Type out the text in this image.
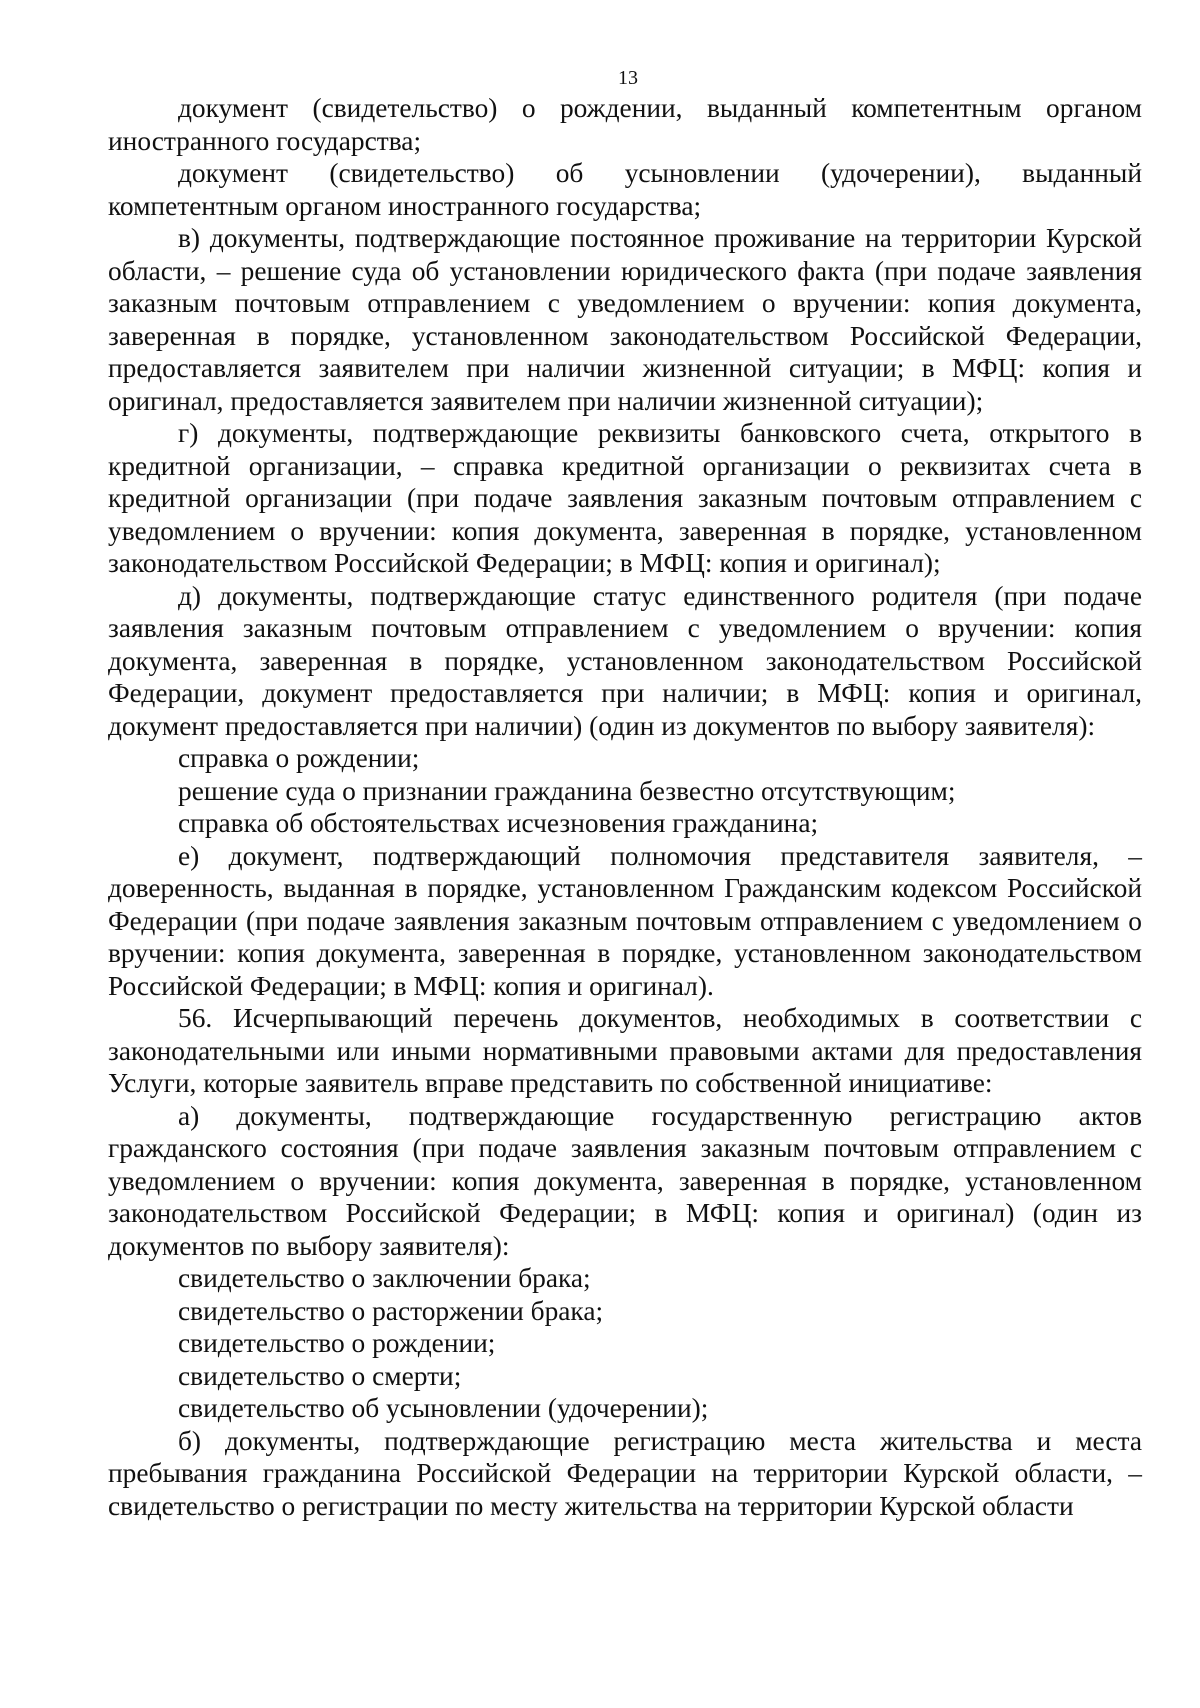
13

документ (свидетельство) о рождении, выданный компетентным органом иностранного государства;

документ (свидетельство) об усыновлении (удочерении), выданный компетентным органом иностранного государства;

в) документы, подтверждающие постоянное проживание на территории Курской области, – решение суда об установлении юридического факта (при подаче заявления заказным почтовым отправлением с уведомлением о вручении: копия документа, заверенная в порядке, установленном законодательством Российской Федерации, предоставляется заявителем при наличии жизненной ситуации; в МФЦ: копия и оригинал, предоставляется заявителем при наличии жизненной ситуации);

г) документы, подтверждающие реквизиты банковского счета, открытого в кредитной организации, – справка кредитной организации о реквизитах счета в кредитной организации (при подаче заявления заказным почтовым отправлением с уведомлением о вручении: копия документа, заверенная в порядке, установленном законодательством Российской Федерации; в МФЦ: копия и оригинал);

д) документы, подтверждающие статус единственного родителя (при подаче заявления заказным почтовым отправлением с уведомлением о вручении: копия документа, заверенная в порядке, установленном законодательством Российской Федерации, документ предоставляется при наличии; в МФЦ: копия и оригинал, документ предоставляется при наличии) (один из документов по выбору заявителя):

справка о рождении;

решение суда о признании гражданина безвестно отсутствующим;

справка об обстоятельствах исчезновения гражданина;

е) документ, подтверждающий полномочия представителя заявителя, – доверенность, выданная в порядке, установленном Гражданским кодексом Российской Федерации (при подаче заявления заказным почтовым отправлением с уведомлением о вручении: копия документа, заверенная в порядке, установленном законодательством Российской Федерации; в МФЦ: копия и оригинал).

56. Исчерпывающий перечень документов, необходимых в соответствии с законодательными или иными нормативными правовыми актами для предоставления Услуги, которые заявитель вправе представить по собственной инициативе:

а) документы, подтверждающие государственную регистрацию актов гражданского состояния (при подаче заявления заказным почтовым отправлением с уведомлением о вручении: копия документа, заверенная в порядке, установленном законодательством Российской Федерации; в МФЦ: копия и оригинал) (один из документов по выбору заявителя):

свидетельство о заключении брака;

свидетельство о расторжении брака;

свидетельство о рождении;

свидетельство о смерти;

свидетельство об усыновлении (удочерении);

б) документы, подтверждающие регистрацию места жительства и места пребывания гражданина Российской Федерации на территории Курской области, – свидетельство о регистрации по месту жительства на территории Курской области
